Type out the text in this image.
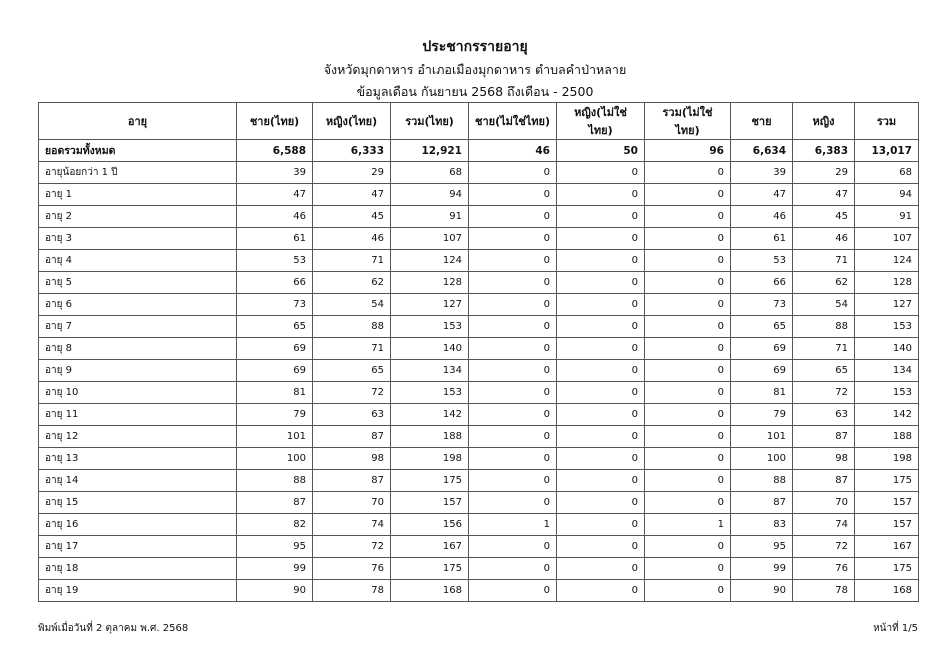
ประชากรรายอายุ
จังหวัดมุกดาหาร อำเภอเมืองมุกดาหาร ตำบลคำป่าหลาย
ข้อมูลเดือน กันยายน 2568 ถึงเดือน - 2500
อายุ	ชาย(ไทย)	หญิง(ไทย)	รวม(ไทย)	ชาย(ไม่ใช่ไทย)	หญิง(ไม่ใช่ไทย)	รวม(ไม่ใช่ไทย)	ชาย	หญิง	รวม
ยอดรวมทั้งหมด	6,588	6,333	12,921	46	50	96	6,634	6,383	13,017
อายุน้อยกว่า 1 ปี	39	29	68	0	0	0	39	29	68
อายุ 1	47	47	94	0	0	0	47	47	94
อายุ 2	46	45	91	0	0	0	46	45	91
อายุ 3	61	46	107	0	0	0	61	46	107
อายุ 4	53	71	124	0	0	0	53	71	124
อายุ 5	66	62	128	0	0	0	66	62	128
อายุ 6	73	54	127	0	0	0	73	54	127
อายุ 7	65	88	153	0	0	0	65	88	153
อายุ 8	69	71	140	0	0	0	69	71	140
อายุ 9	69	65	134	0	0	0	69	65	134
อายุ 10	81	72	153	0	0	0	81	72	153
อายุ 11	79	63	142	0	0	0	79	63	142
อายุ 12	101	87	188	0	0	0	101	87	188
อายุ 13	100	98	198	0	0	0	100	98	198
อายุ 14	88	87	175	0	0	0	88	87	175
อายุ 15	87	70	157	0	0	0	87	70	157
อายุ 16	82	74	156	1	0	1	83	74	157
อายุ 17	95	72	167	0	0	0	95	72	167
อายุ 18	99	76	175	0	0	0	99	76	175
อายุ 19	90	78	168	0	0	0	90	78	168
พิมพ์เมื่อวันที่ 2 ตุลาคม พ.ศ. 2568	หน้าที่ 1/5
